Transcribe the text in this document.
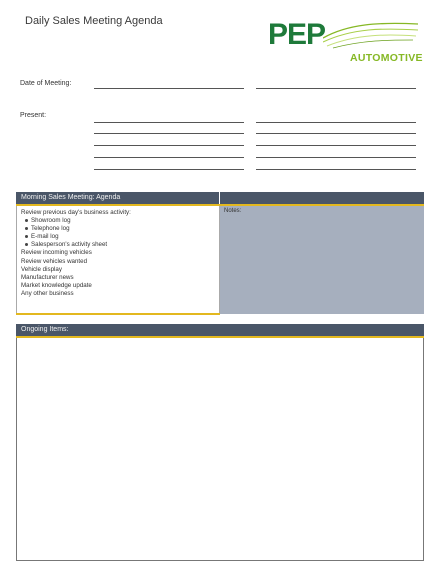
Daily Sales Meeting Agenda	PEP
AUTOMOTIVE
Date of Meeting:
Present:
Morning Sales Meeting: Agenda
Review previous day's business activity:
Showroom log
Telephone log
E-mail log
Salesperson's activity sheet
Review incoming vehicles
Review vehicles wanted
Vehicle display
Manufacturer news
Market knowledge update
Any other business
Notes:
Ongoing Items:
